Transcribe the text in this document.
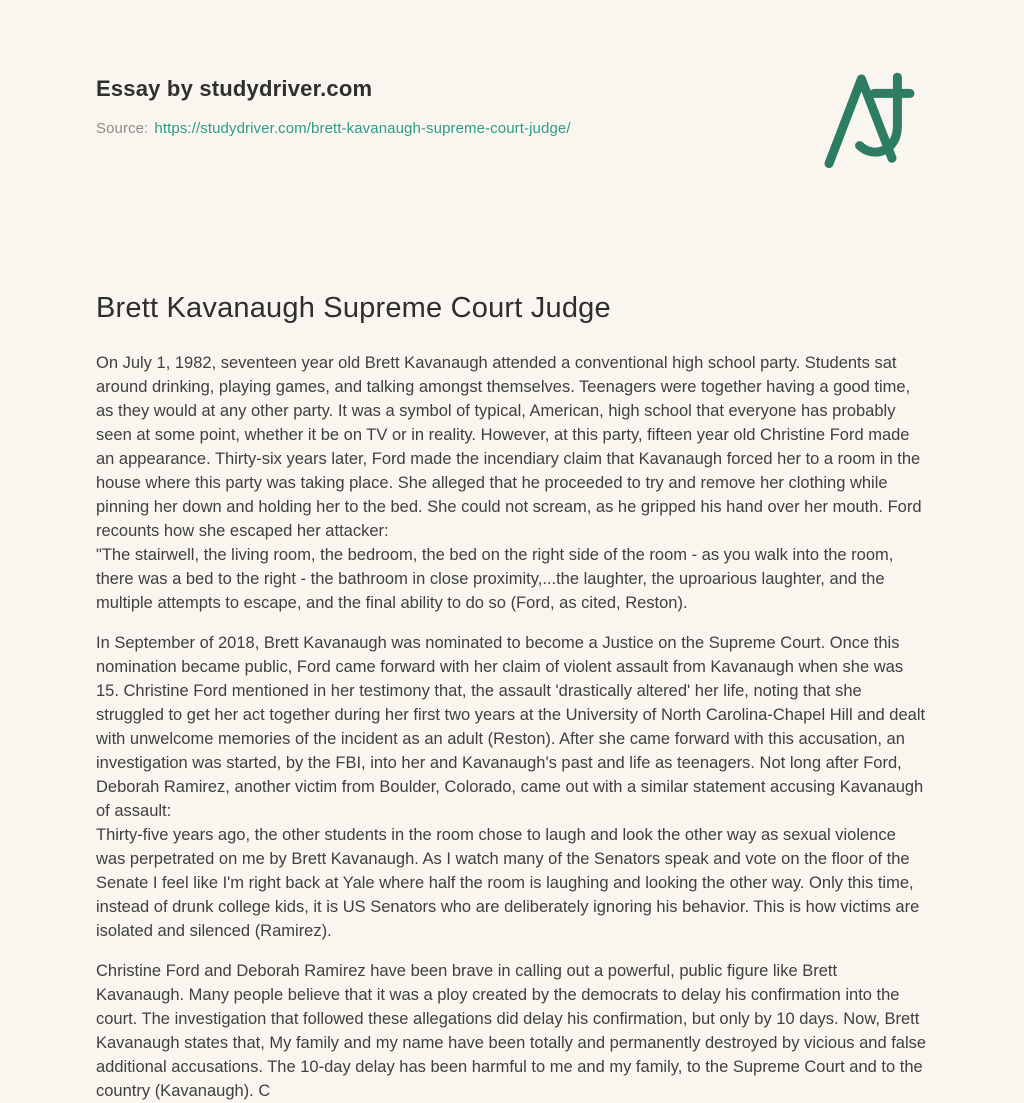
Essay by studydriver.com
Source: https://studydriver.com/brett-kavanaugh-supreme-court-judge/
Brett Kavanaugh Supreme Court Judge

On July 1, 1982, seventeen year old Brett Kavanaugh attended a conventional high school party. Students sat around drinking, playing games, and talking amongst themselves. Teenagers were together having a good time, as they would at any other party. It was a symbol of typical, American, high school that everyone has probably seen at some point, whether it be on TV or in reality. However, at this party, fifteen year old Christine Ford made an appearance. Thirty-six years later, Ford made the incendiary claim that Kavanaugh forced her to a room in the house where this party was taking place. She alleged that he proceeded to try and remove her clothing while pinning her down and holding her to the bed. She could not scream, as he gripped his hand over her mouth. Ford recounts how she escaped her attacker:
"The stairwell, the living room, the bedroom, the bed on the right side of the room - as you walk into the room, there was a bed to the right - the bathroom in close proximity,...the laughter, the uproarious laughter, and the multiple attempts to escape, and the final ability to do so (Ford, as cited, Reston).

In September of 2018, Brett Kavanaugh was nominated to become a Justice on the Supreme Court. Once this nomination became public, Ford came forward with her claim of violent assault from Kavanaugh when she was 15. Christine Ford mentioned in her testimony that, the assault 'drastically altered' her life, noting that she struggled to get her act together during her first two years at the University of North Carolina-Chapel Hill and dealt with unwelcome memories of the incident as an adult (Reston). After she came forward with this accusation, an investigation was started, by the FBI, into her and Kavanaugh's past and life as teenagers. Not long after Ford, Deborah Ramirez, another victim from Boulder, Colorado, came out with a similar statement accusing Kavanaugh of assault:
Thirty-five years ago, the other students in the room chose to laugh and look the other way as sexual violence was perpetrated on me by Brett Kavanaugh. As I watch many of the Senators speak and vote on the floor of the Senate I feel like I'm right back at Yale where half the room is laughing and looking the other way. Only this time, instead of drunk college kids, it is US Senators who are deliberately ignoring his behavior. This is how victims are isolated and silenced (Ramirez).

Christine Ford and Deborah Ramirez have been brave in calling out a powerful, public figure like Brett Kavanaugh. Many people believe that it was a ploy created by the democrats to delay his confirmation into the court. The investigation that followed these allegations did delay his confirmation, but only by 10 days. Now, Brett Kavanaugh states that, My family and my name have been totally and permanently destroyed by vicious and false additional accusations. The 10-day delay has been harmful to me and my family, to the Supreme Court and to the country (Kavanaugh). C
